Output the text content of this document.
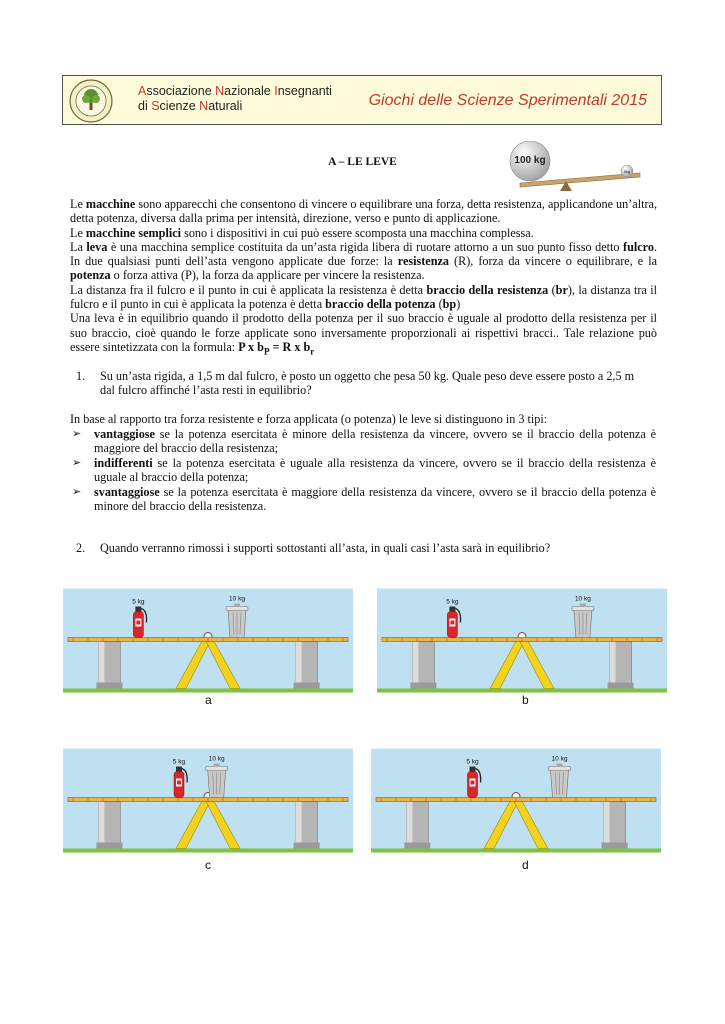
Associazione Nazionale Insegnanti
di Scienze Naturali	Giochi delle Scienze Sperimentali 2015
A – LE LEVE	100 kg
5kg

Le macchine sono apparecchi che consentono di vincere o equilibrare una forza, detta resistenza, applicandone un’altra, detta potenza, diversa dalla prima per intensità, direzione, verso e punto di applicazione.

Le macchine semplici sono i dispositivi in cui può essere scomposta una macchina complessa.

La leva è una macchina semplice costituita da un’asta rigida libera di ruotare attorno a un suo punto fisso detto fulcro. In due qualsiasi punti dell’asta vengono applicate due forze: la resistenza (R), forza da vincere o equilibrare, e la potenza o forza attiva (P), la forza da applicare per vincere la resistenza.

La distanza fra il fulcro e il punto in cui è applicata la resistenza è detta braccio della resistenza (br), la distanza tra il fulcro e il punto in cui è applicata la potenza è detta braccio della potenza (bp)

Una leva è in equilibrio quando il prodotto della potenza per il suo braccio è uguale al prodotto della resistenza per il suo braccio, cioè quando le forze applicate sono inversamente proporzionali ai rispettivi bracci.. Tale relazione può essere sintetizzata con la formula: P x $b_P = R$ x $b_r$

1. Su un’asta rigida, a 1,5 m dal fulcro, è posto un oggetto che pesa 50 kg. Quale peso deve essere posto a 2,5 m
dal fulcro affinché l’asta resti in equilibrio?
In base al rapporto tra forza resistente e forza applicata (o potenza) le leve si distinguono in 3 tipi:
➢ vantaggiose se la potenza esercitata è minore della resistenza da vincere, ovvero se il braccio della potenza è maggiore del braccio della resistenza;
➢ indifferenti se la potenza esercitata è uguale alla resistenza da vincere, ovvero se il braccio della resistenza è uguale al braccio della potenza;
➢ svantaggiose se la potenza esercitata è maggiore della resistenza da vincere, ovvero se il braccio della potenza è minore del braccio della resistenza.
2. Quando verranno rimossi i supporti sottostanti all’asta, in quali casi l’asta sarà in equilibrio?
5 kg	10 kg	5 kg	10 kg
5 kg	10 kg	5 kg	10 kg
a	b
c	d
